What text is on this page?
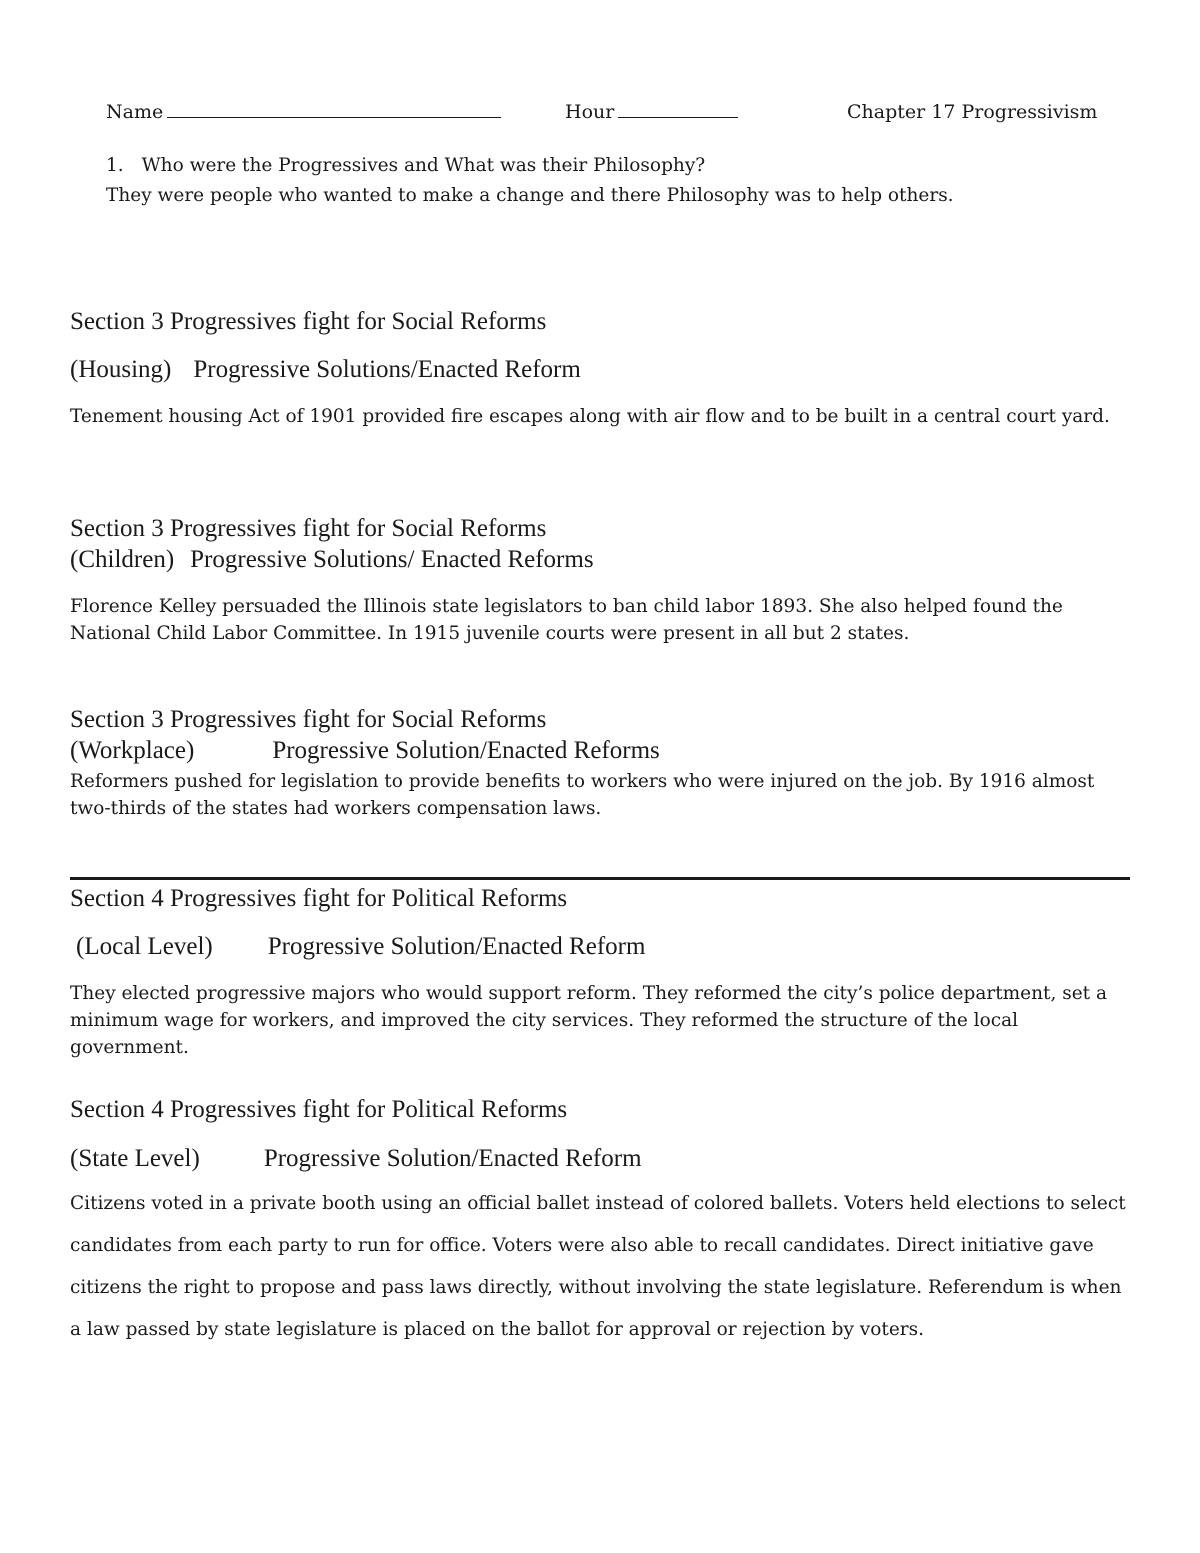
Name	Hour	Chapter 17 Progressivism
1. Who were the Progressives and What was their Philosophy?
They were people who wanted to make a change and there Philosophy was to help others.
Section 3 Progressives fight for Social Reforms
(Housing) Progressive Solutions/Enacted Reform
Tenement housing Act of 1901 provided fire escapes along with air flow and to be built in a central court yard.
Section 3 Progressives fight for Social Reforms
(Children) Progressive Solutions/ Enacted Reforms
Florence Kelley persuaded the Illinois state legislators to ban child labor 1893. She also helped found the National Child Labor Committee. In 1915 juvenile courts were present in all but 2 states.
Section 3 Progressives fight for Social Reforms
(Workplace)	Progressive Solution/Enacted Reforms
Reformers pushed for legislation to provide benefits to workers who were injured on the job. By 1916 almost two-thirds of the states had workers compensation laws.
Section 4 Progressives fight for Political Reforms
(Local Level) Progressive Solution/Enacted Reform
They elected progressive majors who would support reform. They reformed the city’s police department, set a minimum wage for workers, and improved the city services. They reformed the structure of the local government.
Section 4 Progressives fight for Political Reforms
(State Level)	Progressive Solution/Enacted Reform
Citizens voted in a private booth using an official ballet instead of colored ballets. Voters held elections to select candidates from each party to run for office. Voters were also able to recall candidates. Direct initiative gave citizens the right to propose and pass laws directly, without involving the state legislature. Referendum is when a law passed by state legislature is placed on the ballot for approval or rejection by voters.
